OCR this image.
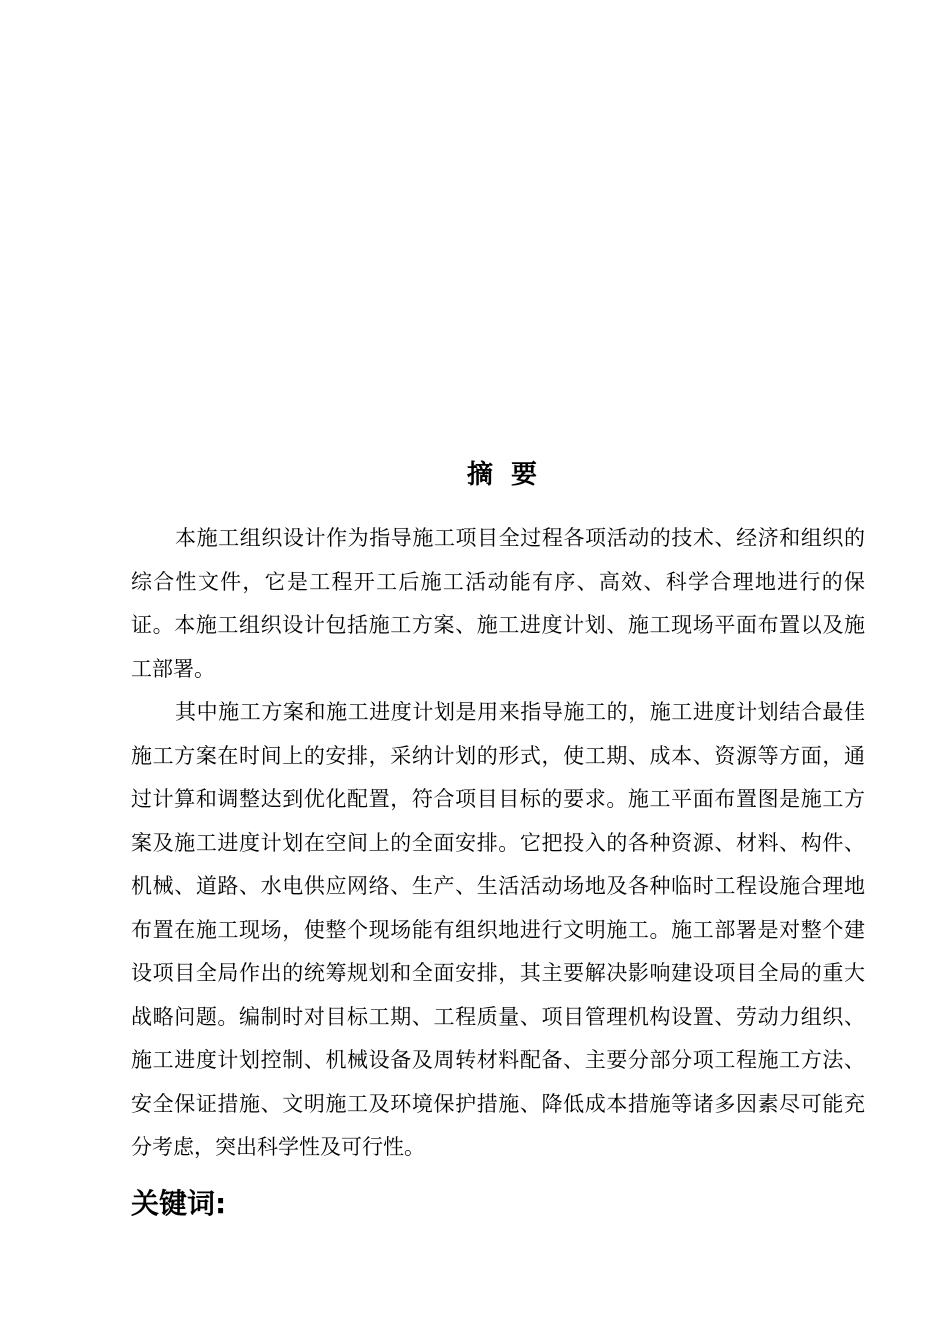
摘  要

本施工组织设计作为指导施工项目全过程各项活动的技术、经济和组织的综合性文件，它是工程开工后施工活动能有序、高效、科学合理地进行的保证。本施工组织设计包括施工方案、施工进度计划、施工现场平面布置以及施工部署。

其中施工方案和施工进度计划是用来指导施工的，施工进度计划结合最佳施工方案在时间上的安排，采纳计划的形式，使工期、成本、资源等方面，通过计算和调整达到优化配置，符合项目目标的要求。施工平面布置图是施工方案及施工进度计划在空间上的全面安排。它把投入的各种资源、材料、构件、机械、道路、水电供应网络、生产、生活活动场地及各种临时工程设施合理地布置在施工现场，使整个现场能有组织地进行文明施工。施工部署是对整个建设项目全局作出的统筹规划和全面安排，其主要解决影响建设项目全局的重大战略问题。编制时对目标工期、工程质量、项目管理机构设置、劳动力组织、施工进度计划控制、机械设备及周转材料配备、主要分部分项工程施工方法、安全保证措施、文明施工及环境保护措施、降低成本措施等诸多因素尽可能充分考虑，突出科学性及可行性。

关键词:
